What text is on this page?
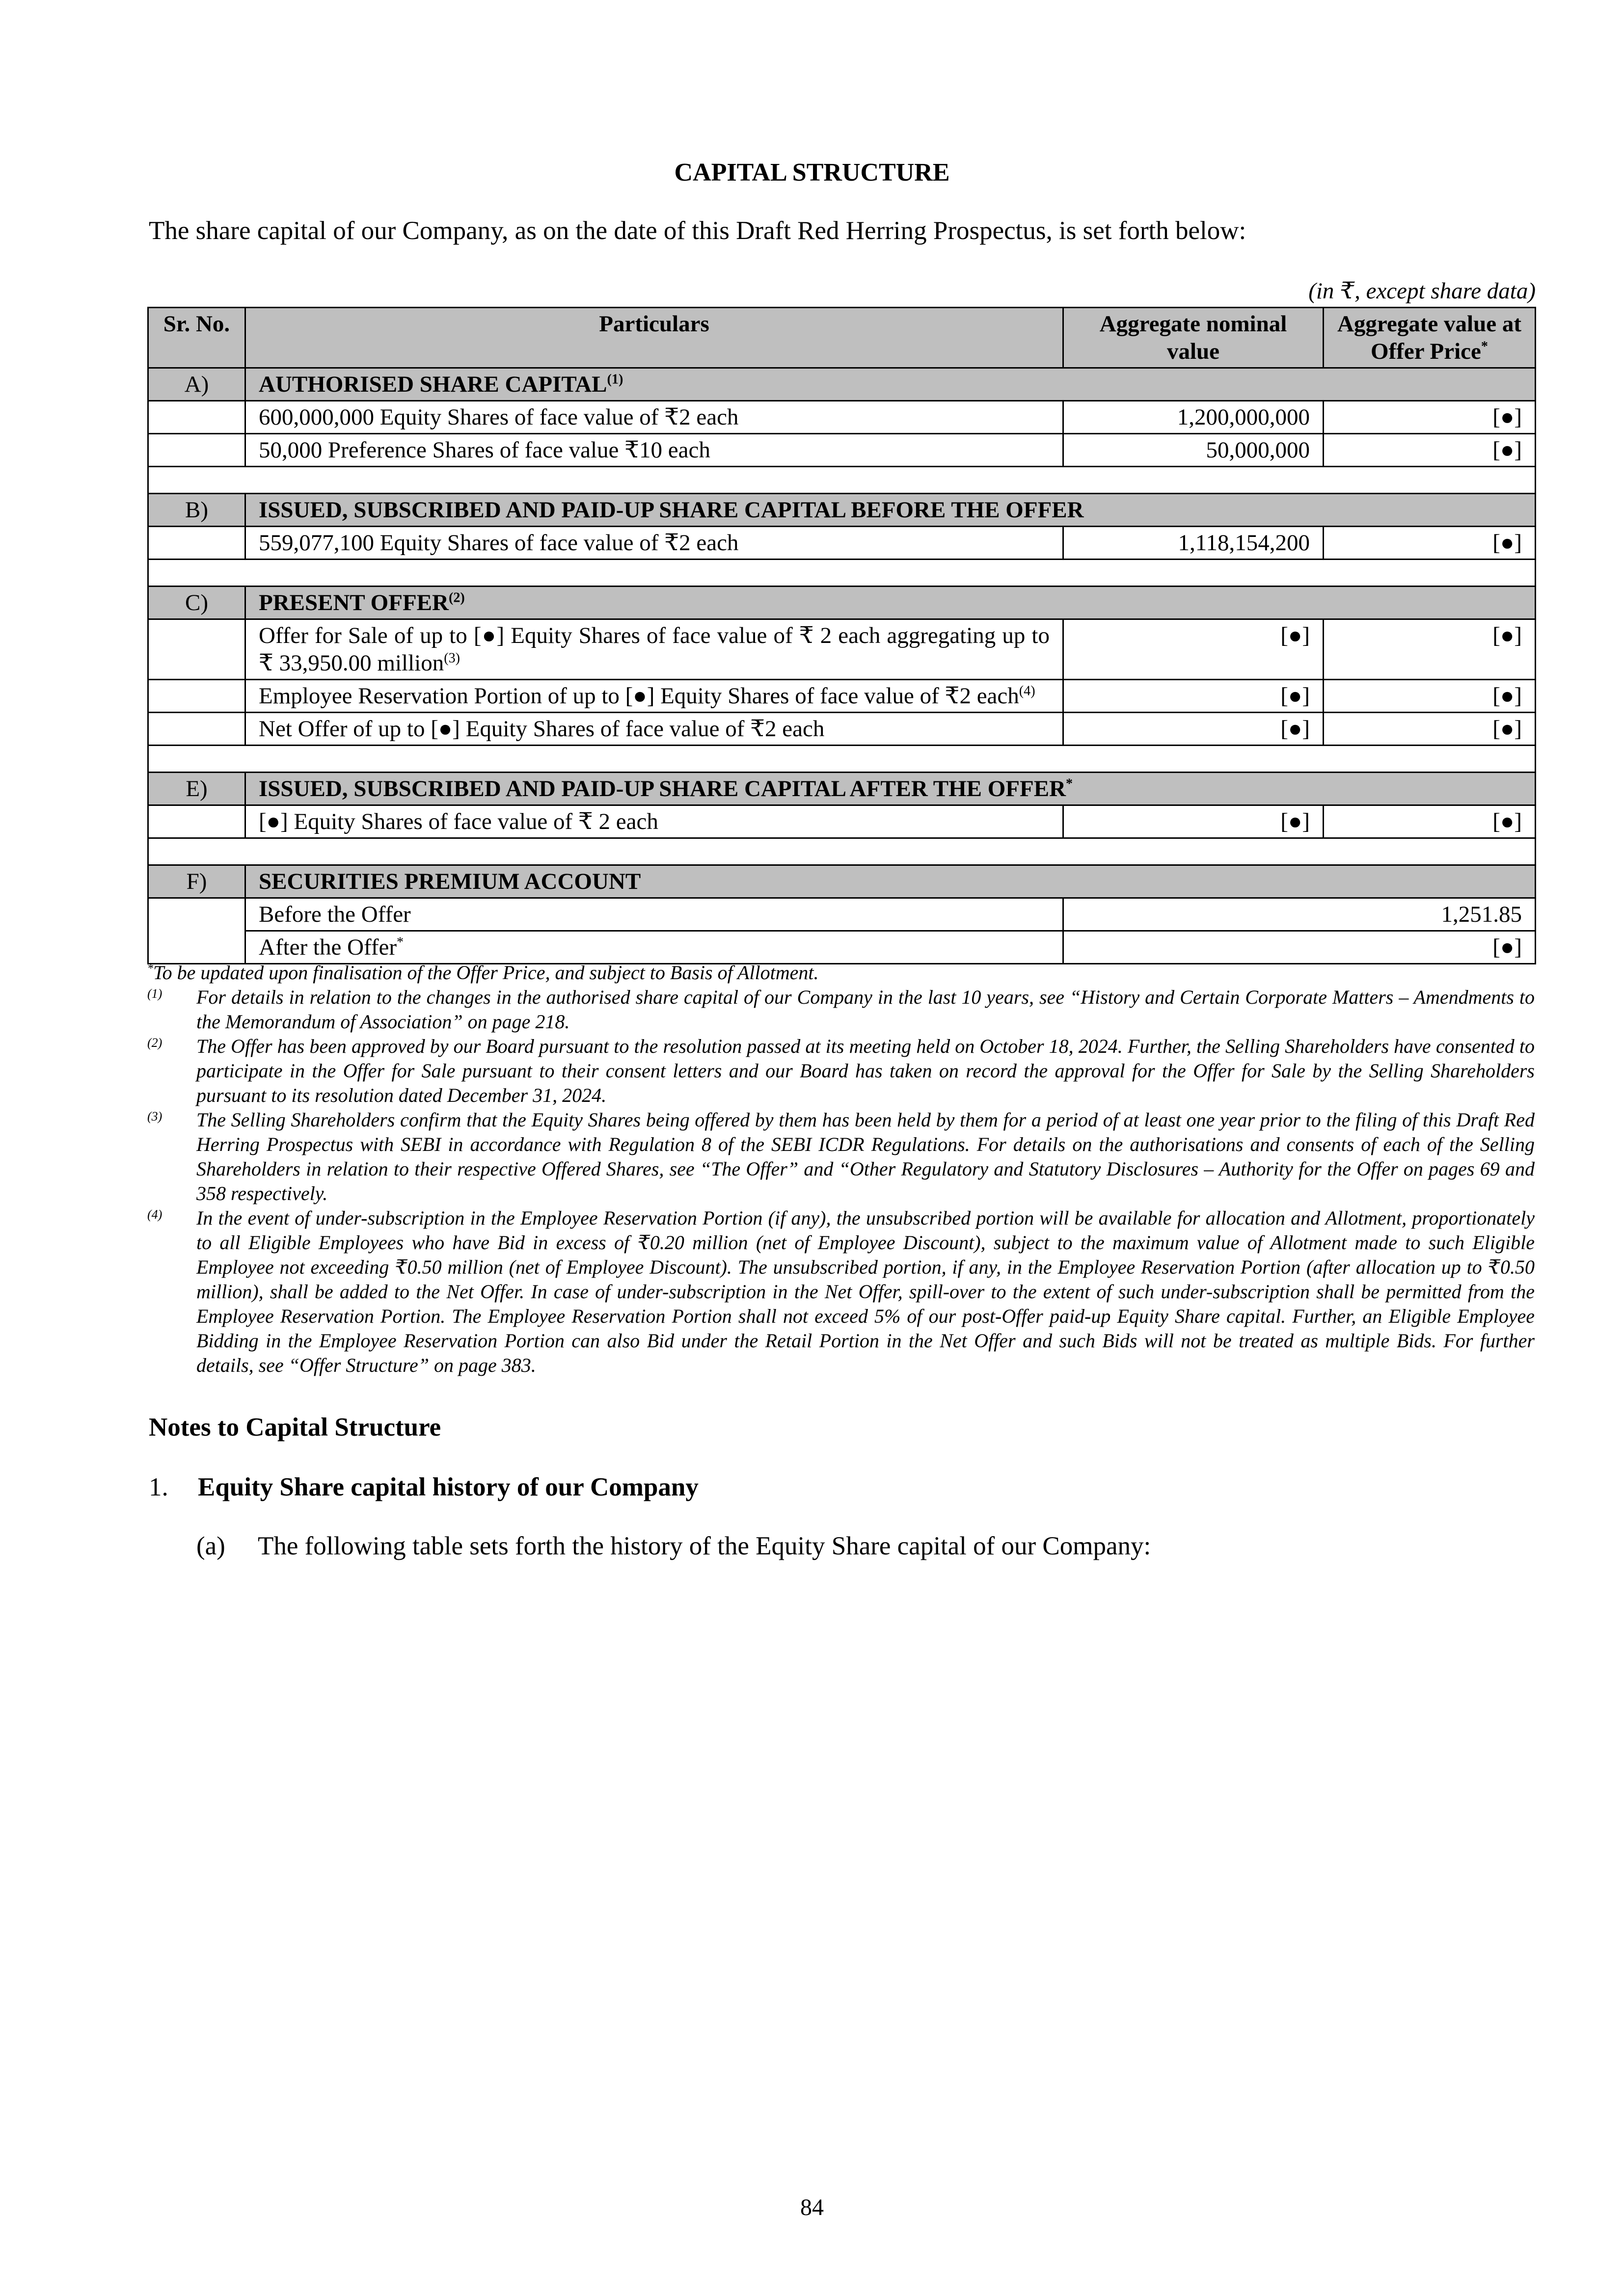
CAPITAL STRUCTURE
The share capital of our Company, as on the date of this Draft Red Herring Prospectus, is set forth below:
(in ₹, except share data)
Sr. No.	Particulars	Aggregate nominal value	Aggregate value at Offer Price*
A)	AUTHORISED SHARE CAPITAL$^{(1)}$
	600,000,000 Equity Shares of face value of ₹2 each	1,200,000,000	[●]
	50,000 Preference Shares of face value ₹10 each	50,000,000	[●]

B)	ISSUED, SUBSCRIBED AND PAID-UP SHARE CAPITAL BEFORE THE OFFER		
	559,077,100 Equity Shares of face value of ₹2 each	1,118,154,200	[●]

C)	PRESENT OFFER$^{(2)}$
	Offer for Sale of up to [●] Equity Shares of face value of ₹ 2 each aggregating up to ₹ 33,950.00 million$^{(3)}$	[●]	[●]
	Employee Reservation Portion of up to [●] Equity Shares of face value of ₹2 each$^{(4)}$	[●]	[●]
	Net Offer of up to [●] Equity Shares of face value of ₹2 each	[●]	[●]

E)	ISSUED, SUBSCRIBED AND PAID-UP SHARE CAPITAL AFTER THE OFFER*
	[●] Equity Shares of face value of ₹ 2 each	[●]	[●]

F)	SECURITIES PREMIUM ACCOUNT		
	Before the Offer	1,251.85	
	After the Offer*	[●]	
*To be updated upon finalisation of the Offer Price, and subject to Basis of Allotment.
(1) For details in relation to the changes in the authorised share capital of our Company in the last 10 years, see “History and Certain Corporate Matters – Amendments to the Memorandum of Association” on page 218.
(2) The Offer has been approved by our Board pursuant to the resolution passed at its meeting held on October 18, 2024. Further, the Selling Shareholders have consented to participate in the Offer for Sale pursuant to their consent letters and our Board has taken on record the approval for the Offer for Sale by the Selling Shareholders pursuant to its resolution dated December 31, 2024.
(3) The Selling Shareholders confirm that the Equity Shares being offered by them has been held by them for a period of at least one year prior to the filing of this Draft Red Herring Prospectus with SEBI in accordance with Regulation 8 of the SEBI ICDR Regulations. For details on the authorisations and consents of each of the Selling Shareholders in relation to their respective Offered Shares, see “The Offer” and “Other Regulatory and Statutory Disclosures – Authority for the Offer on pages 69 and 358 respectively.
(4) In the event of under-subscription in the Employee Reservation Portion (if any), the unsubscribed portion will be available for allocation and Allotment, proportionately to all Eligible Employees who have Bid in excess of ₹0.20 million (net of Employee Discount), subject to the maximum value of Allotment made to such Eligible Employee not exceeding ₹0.50 million (net of Employee Discount). The unsubscribed portion, if any, in the Employee Reservation Portion (after allocation up to ₹0.50 million), shall be added to the Net Offer. In case of under-subscription in the Net Offer, spill-over to the extent of such under-subscription shall be permitted from the Employee Reservation Portion. The Employee Reservation Portion shall not exceed 5% of our post-Offer paid-up Equity Share capital. Further, an Eligible Employee Bidding in the Employee Reservation Portion can also Bid under the Retail Portion in the Net Offer and such Bids will not be treated as multiple Bids. For further details, see “Offer Structure” on page 383.
Notes to Capital Structure
1. Equity Share capital history of our Company
(a) The following table sets forth the history of the Equity Share capital of our Company:
84
